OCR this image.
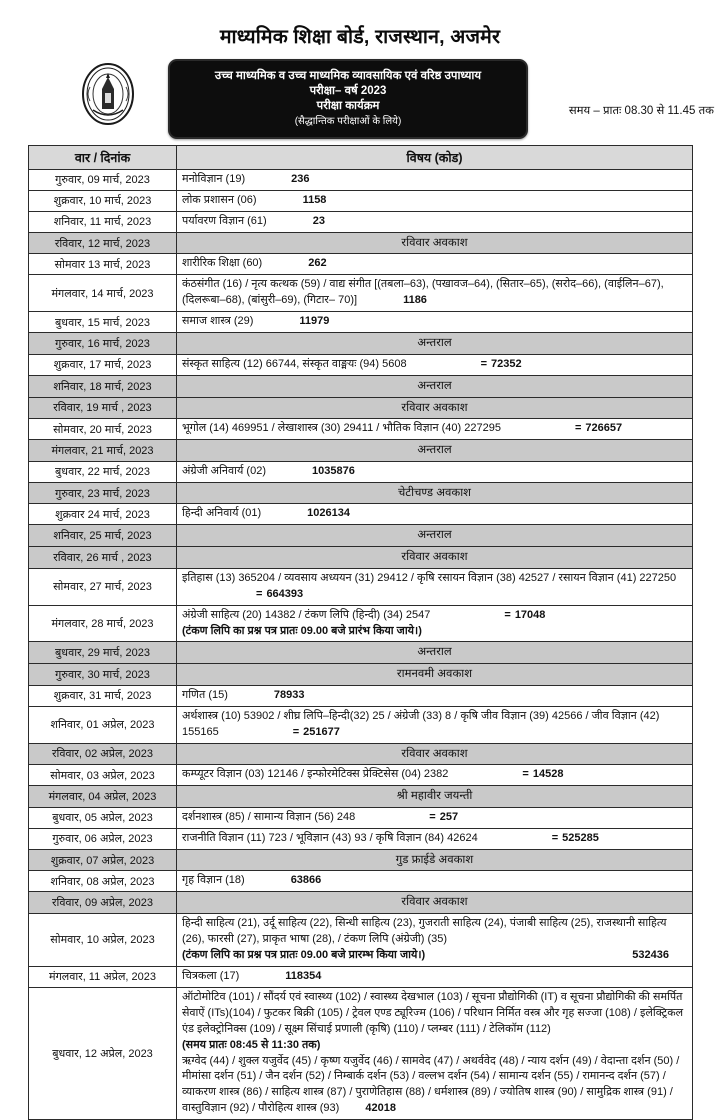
माध्यमिक शिक्षा बोर्ड, राजस्थान, अजमेर
उच्च माध्यमिक व उच्च माध्यमिक व्यावसायिक एवं वरिष्ठ उपाध्याय
परीक्षा– वर्ष 2023
परीक्षा कार्यक्रम
(सैद्धान्तिक परीक्षाओं के लिये)
समय – प्रातः 08.30 से 11.45 तक
वार / दिनांक	विषय (कोड)
गुरुवार, 09 मार्च, 2023	मनोविज्ञान (19) 236

शुक्रवार, 10 मार्च, 2023	लोक प्रशासन (06) 1158

शनिवार, 11 मार्च, 2023	पर्यावरण विज्ञान (61) 23

रविवार, 12 मार्च, 2023	रविवार अवकाश
सोमवार 13 मार्च, 2023	शारीरिक शिक्षा (60) 262

मंगलवार, 14 मार्च, 2023	कंठसंगीत (16) / नृत्य कत्थक (59) / वाद्य संगीत [(तबला–63), (पखावज–64), (सितार–65), (सरोद–66), (वाईलिन–67), (दिलरूबा–68), (बांसुरी–69), (गिटार– 70)] 1186

बुधवार, 15 मार्च, 2023	समाज शास्त्र (29) 11979

गुरुवार, 16 मार्च, 2023	अन्तराल
शुक्रवार, 17 मार्च, 2023	संस्कृत साहित्य (12) 66744, संस्कृत वाङ्मयः (94) 5608 = 72352

शनिवार, 18 मार्च, 2023	अन्तराल
रविवार, 19 मार्च , 2023	रविवार अवकाश
सोमवार, 20 मार्च, 2023	भूगोल (14) 469951 / लेखाशास्त्र (30) 29411 / भौतिक विज्ञान (40) 227295 = 726657

मंगलवार, 21 मार्च, 2023	अन्तराल
बुधवार, 22 मार्च, 2023	अंग्रेजी अनिवार्य (02) 1035876

गुरुवार, 23 मार्च, 2023	चेटीचण्ड अवकाश
शुक्रवार 24 मार्च, 2023	हिन्दी अनिवार्य (01) 1026134

शनिवार, 25 मार्च, 2023	अन्तराल
रविवार, 26 मार्च , 2023	रविवार अवकाश
सोमवार, 27 मार्च, 2023	इतिहास (13) 365204 / व्यवसाय अध्ययन (31) 29412 / कृषि रसायन विज्ञान (38) 42527 / रसायन विज्ञान (41) 227250= 664393

मंगलवार, 28 मार्च, 2023	अंग्रेजी साहित्य (20) 14382 / टंकण लिपि (हिन्दी) (34) 2547 = 17048
(टंकण लिपि का प्रश्न पत्र प्रातः 09.00 बजे प्रारंभ किया जाये।)

बुधवार, 29 मार्च, 2023	अन्तराल
गुरुवार, 30 मार्च, 2023	रामनवमी अवकाश
शुक्रवार, 31 मार्च, 2023	गणित (15) 78933

शनिवार, 01 अप्रेल, 2023	अर्थशास्त्र (10) 53902 / शीघ्र लिपि–हिन्दी(32) 25 / अंग्रेजी (33) 8 / कृषि जीव विज्ञान (39) 42566 / जीव विज्ञान (42) 155165 = 251677

रविवार, 02 अप्रेल, 2023	रविवार अवकाश
सोमवार, 03 अप्रेल, 2023	कम्प्यूटर विज्ञान (03) 12146 / इन्फोरमेटिक्स प्रेक्टिसेस (04) 2382 = 14528

मंगलवार, 04 अप्रेल, 2023	श्री महावीर जयन्ती
बुधवार, 05 अप्रेल, 2023	दर्शनशास्त्र (85) / सामान्य विज्ञान (56) 248 = 257

गुरुवार, 06 अप्रेल, 2023	राजनीति विज्ञान (11) 723 / भूविज्ञान (43) 93 / कृषि विज्ञान (84) 42624 = 525285

शुक्रवार, 07 अप्रेल, 2023	गुड फ्राईडे अवकाश
शनिवार, 08 अप्रेल, 2023	गृह विज्ञान (18) 63866

रविवार, 09 अप्रेल, 2023	रविवार अवकाश
सोमवार, 10 अप्रेल, 2023	हिन्दी साहित्य (21), उर्दू साहित्य (22), सिन्धी साहित्य (23), गुजराती साहित्य (24), पंजाबी साहित्य (25), राजस्थानी साहित्य (26), फारसी (27), प्राकृत भाषा (28), / टंकण लिपि (अंग्रेजी) (35)
(टंकण लिपि का प्रश्न पत्र प्रातः 09.00 बजे प्रारम्भ किया जाये।) 532436

मंगलवार, 11 अप्रेल, 2023	चित्रकला (17) 118354

बुधवार, 12 अप्रेल, 2023	ऑटोमोटिव (101) / सौंदर्य एवं स्वास्थ्य (102) / स्वास्थ्य देखभाल (103) / सूचना प्रौद्योगिकी (IT) व सूचना प्रौद्योगिकी की समर्पित सेवाऐं (ITs)(104) / फुटकर बिक्री (105) / ट्रेवल एण्ड ट्यूरिज्म (106) / परिधान निर्मित वस्त्र और गृह सज्जा (108) / इलेक्ट्रिकल एंड इलेक्ट्रोनिक्स (109) / सूक्ष्म सिंचाई प्रणाली (कृषि) (110) / प्लम्बर (111) / टेलिकॉम (112)
(समय प्रातः 08:45 से 11:30 तक)
ऋग्वेद (44) / शुक्ल यजुर्वेद (45) / कृष्ण यजुर्वेद (46) / सामवेद (47) / अथर्ववेद (48) / न्याय दर्शन (49) / वेदान्ता दर्शन (50) / मीमांसा दर्शन (51) / जैन दर्शन (52) / निम्बार्क दर्शन (53) / वल्लभ दर्शन (54) / सामान्य दर्शन (55) / रामानन्द दर्शन (57) / व्याकरण शास्त्र (86) / साहित्य शास्त्र (87) / पुराणेतिहास (88) / धर्मशास्त्र (89) / ज्योतिष शास्त्र (90) / सामुद्रिक शास्त्र (91) / वास्तुविज्ञान (92) / पौरोहित्य शास्त्र (93) 42018
